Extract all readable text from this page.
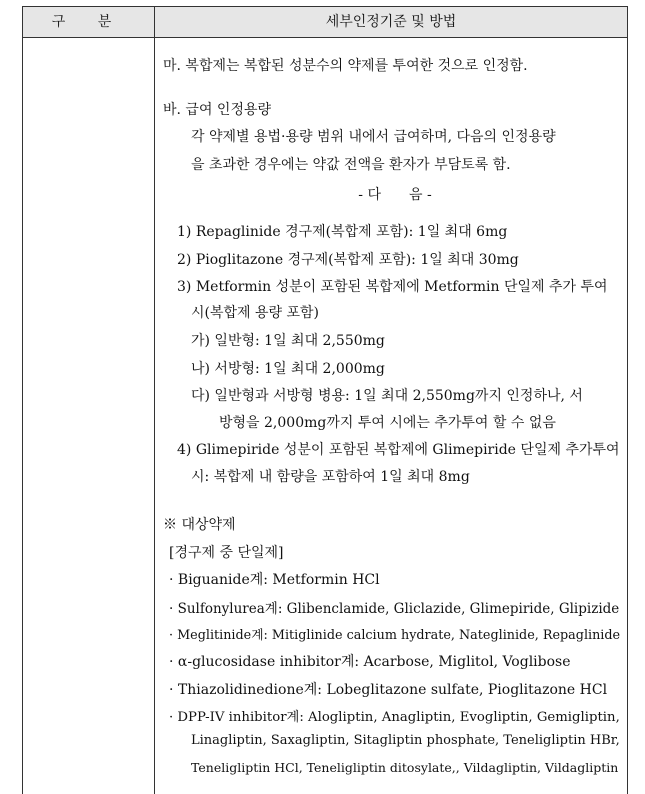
구 분	세부인정기준 및 방법
마. 복합제는 복합된 성분수의 약제를 투여한 것으로 인정함.
바. 급여 인정용량
각 약제별 용법·용량 범위 내에서 급여하며, 다음의 인정용량
을 초과한 경우에는 약값 전액을 환자가 부담토록 함.
- 다　　음 -
1) Repaglinide 경구제(복합제 포함): 1일 최대 6mg
2) Pioglitazone 경구제(복합제 포함): 1일 최대 30mg
3) Metformin 성분이 포함된 복합제에 Metformin 단일제 추가 투여
시(복합제 용량 포함)
가) 일반형: 1일 최대 2,550mg
나) 서방형: 1일 최대 2,000mg
다) 일반형과 서방형 병용: 1일 최대 2,550mg까지 인정하나, 서
방형을 2,000mg까지 투여 시에는 추가투여 할 수 없음
4) Glimepiride 성분이 포함된 복합제에 Glimepiride 단일제 추가투여
시: 복합제 내 함량을 포함하여 1일 최대 8mg
※ 대상약제
[경구제 중 단일제]
· Biguanide계: Metformin HCl
· Sulfonylurea계: Glibenclamide, Gliclazide, Glimepiride, Glipizide
· Meglitinide계: Mitiglinide calcium hydrate, Nateglinide, Repaglinide
· α-glucosidase inhibitor계: Acarbose, Miglitol, Voglibose
· Thiazolidinedione계: Lobeglitazone sulfate, Pioglitazone HCl
· DPP-IV inhibitor계: Alogliptin, Anagliptin, Evogliptin, Gemigliptin,
Linagliptin, Saxagliptin, Sitagliptin phosphate, Teneligliptin HBr,
Teneligliptin HCl, Teneligliptin ditosylate,, Vildagliptin, Vildagliptin
